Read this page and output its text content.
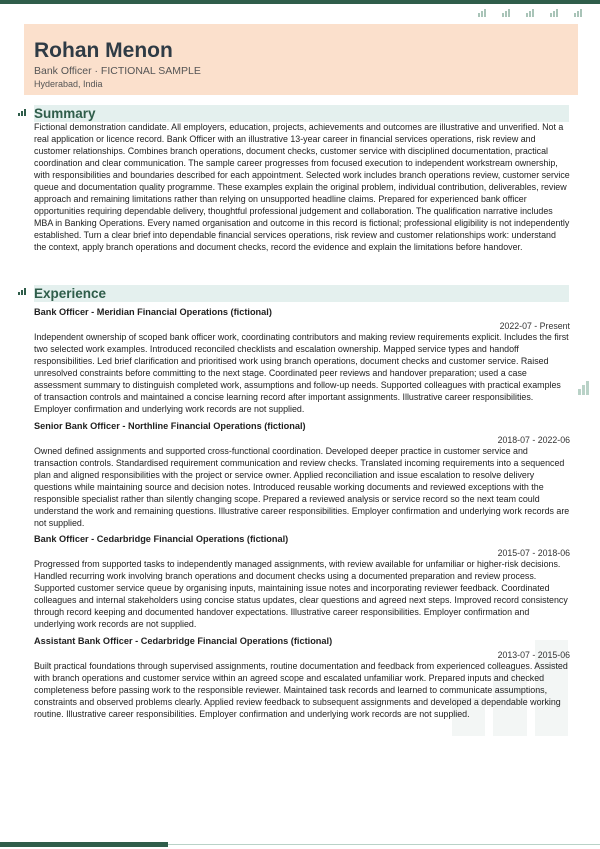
Rohan Menon
Bank Officer · FICTIONAL SAMPLE
Hyderabad, India
Summary
Fictional demonstration candidate. All employers, education, projects, achievements and outcomes are illustrative and unverified. Not a real application or licence record. Bank Officer with an illustrative 13-year career in financial services operations, risk review and customer relationships. Combines branch operations, document checks, customer service with disciplined documentation, practical coordination and clear communication. The sample career progresses from focused execution to independent workstream ownership, with responsibilities and boundaries described for each appointment. Selected work includes branch operations review, customer service queue and documentation quality programme. These examples explain the original problem, individual contribution, deliverables, review approach and remaining limitations rather than relying on unsupported headline claims. Prepared for experienced bank officer opportunities requiring dependable delivery, thoughtful professional judgement and collaboration. The qualification narrative includes MBA in Banking Operations. Every named organisation and outcome in this record is fictional; professional eligibility is not independently established. Turn a clear brief into dependable financial services operations, risk review and customer relationships work: understand the context, apply branch operations and document checks, record the evidence and explain the limitations before handover.
Experience
Bank Officer - Meridian Financial Operations (fictional)
2022-07 - Present
Independent ownership of scoped bank officer work, coordinating contributors and making review requirements explicit. Includes the first two selected work examples. Introduced reconciled checklists and escalation ownership. Mapped service types and handoff responsibilities. Led brief clarification and prioritised work using branch operations, document checks and customer service. Raised unresolved constraints before committing to the next stage. Coordinated peer reviews and handover preparation; used a case assessment summary to distinguish completed work, assumptions and follow-up needs. Supported colleagues with practical examples of transaction controls and maintained a concise learning record after important assignments. Illustrative career responsibilities. Employer confirmation and underlying work records are not supplied.
Senior Bank Officer - Northline Financial Operations (fictional)
2018-07 - 2022-06
Owned defined assignments and supported cross-functional coordination. Developed deeper practice in customer service and transaction controls. Standardised requirement communication and review checks. Translated incoming requirements into a sequenced plan and aligned responsibilities with the project or service owner. Applied reconciliation and issue escalation to resolve delivery questions while maintaining source and decision notes. Introduced reusable working documents and reviewed exceptions with the responsible specialist rather than silently changing scope. Prepared a reviewed analysis or service record so the next team could understand the work and remaining questions. Illustrative career responsibilities. Employer confirmation and underlying work records are not supplied.
Bank Officer - Cedarbridge Financial Operations (fictional)
2015-07 - 2018-06
Progressed from supported tasks to independently managed assignments, with review available for unfamiliar or higher-risk decisions. Handled recurring work involving branch operations and document checks using a documented preparation and review process. Supported customer service queue by organising inputs, maintaining issue notes and incorporating reviewer feedback. Coordinated colleagues and internal stakeholders using concise status updates, clear questions and agreed next steps. Improved record consistency through record keeping and documented handover expectations. Illustrative career responsibilities. Employer confirmation and underlying work records are not supplied.
Assistant Bank Officer - Cedarbridge Financial Operations (fictional)
2013-07 - 2015-06
Built practical foundations through supervised assignments, routine documentation and feedback from experienced colleagues. Assisted with branch operations and customer service within an agreed scope and escalated unfamiliar work. Prepared inputs and checked completeness before passing work to the responsible reviewer. Maintained task records and learned to communicate assumptions, constraints and observed problems clearly. Applied review feedback to subsequent assignments and developed a dependable working routine. Illustrative career responsibilities. Employer confirmation and underlying work records are not supplied.
